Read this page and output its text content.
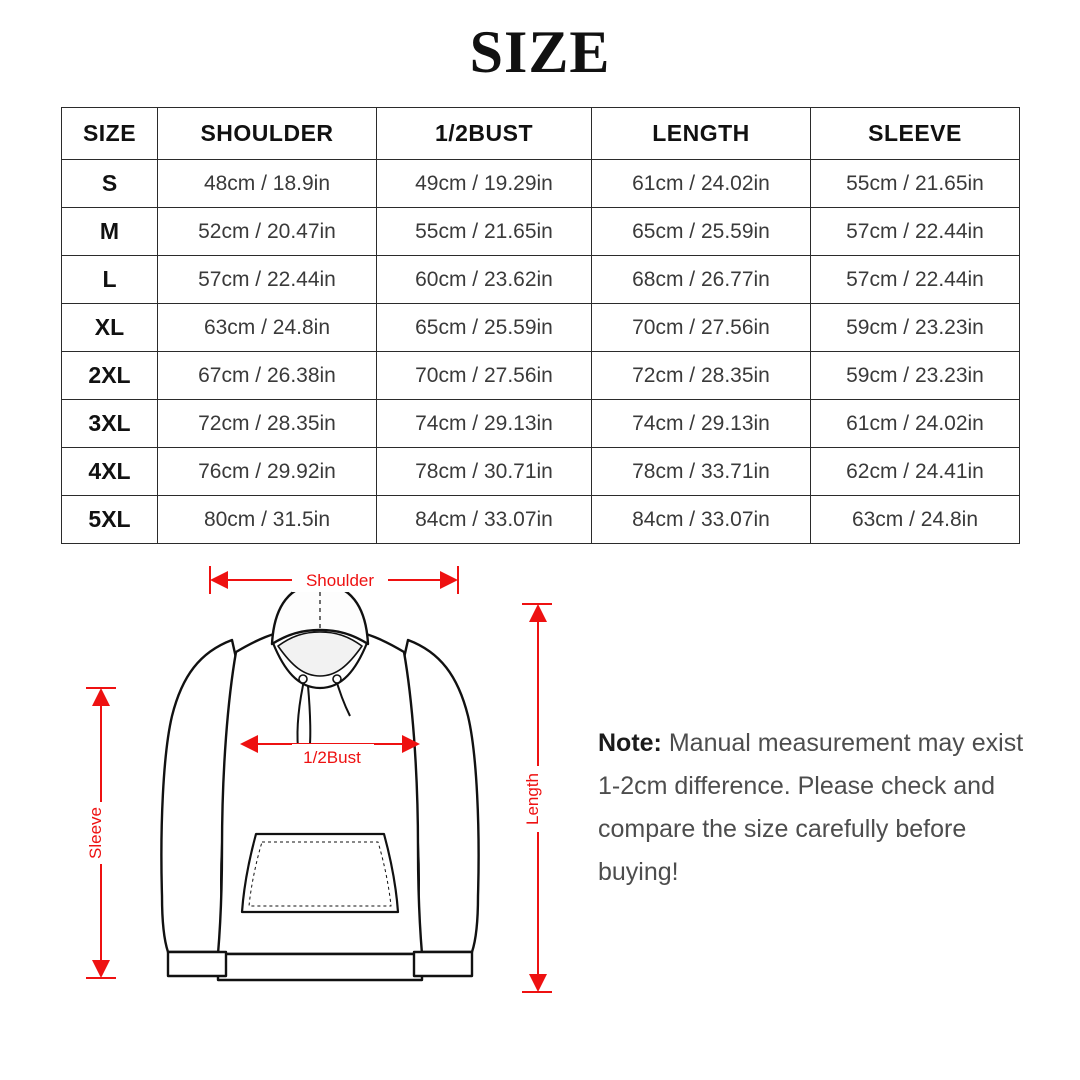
SIZE
SIZE	SHOULDER	1/2BUST	LENGTH	SLEEVE
S	48cm / 18.9in	49cm / 19.29in	61cm / 24.02in	55cm / 21.65in
M	52cm / 20.47in	55cm / 21.65in	65cm / 25.59in	57cm / 22.44in
L	57cm / 22.44in	60cm / 23.62in	68cm / 26.77in	57cm / 22.44in
XL	63cm / 24.8in	65cm / 25.59in	70cm / 27.56in	59cm / 23.23in
2XL	67cm / 26.38in	70cm / 27.56in	72cm / 28.35in	59cm / 23.23in
3XL	72cm / 28.35in	74cm / 29.13in	74cm / 29.13in	61cm / 24.02in
4XL	76cm / 29.92in	78cm / 30.71in	78cm / 33.71in	62cm / 24.41in
5XL	80cm / 31.5in	84cm / 33.07in	84cm / 33.07in	63cm / 24.8in
Shoulder
1/2Bust
Length
Sleeve
Note: Manual measurement may exist 1-2cm difference. Please check and compare the size carefully before buying!
